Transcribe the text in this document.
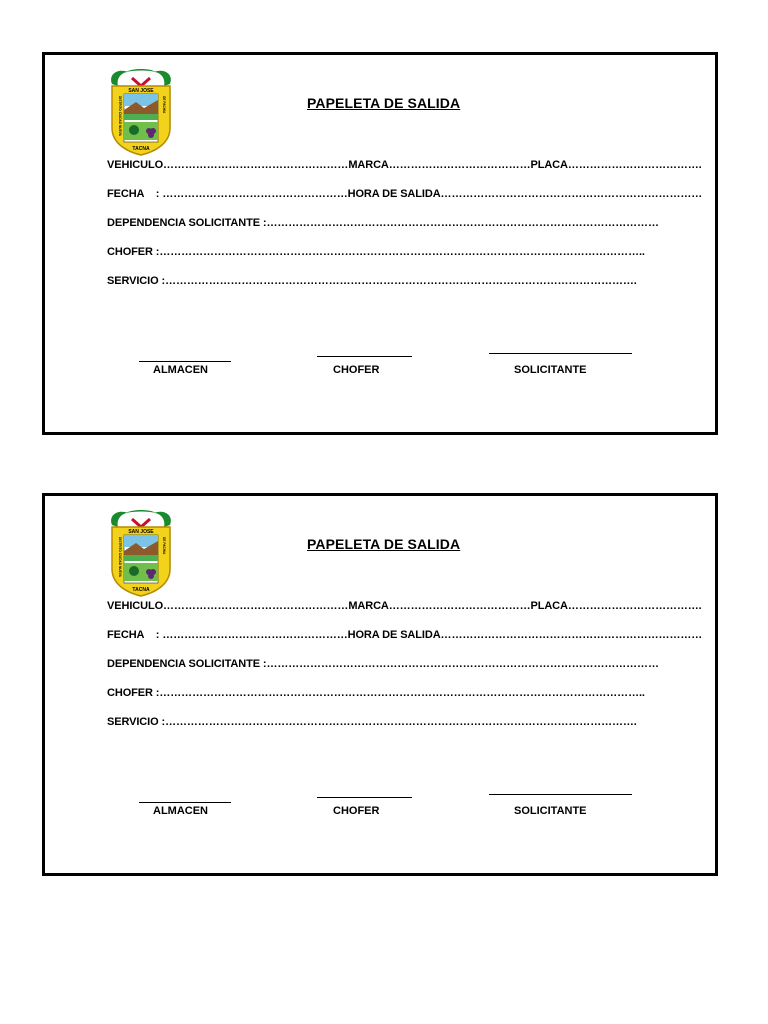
SAN JOSE
TACNA
DISTRITO CIUDAD NUEVA	DE PACHIA	PAPELETA DE SALIDA
VEHICULO……………………………………………MARCA…………………………………PLACA……………………………….
FECHA    : ……………………………………………HORA DE SALIDA………………………………………………………………
DEPENDENCIA SOLICITANTE :………………………………………………………………………………………………
CHOFER :……………………………………………………………………………………………………………………..
SERVICIO :………………………………………………………………………………………………………………….
ALMACEN	CHOFER	SOLICITANTE
SAN JOSE
TACNA
DISTRITO CIUDAD NUEVA	DE PACHIA	PAPELETA DE SALIDA
VEHICULO……………………………………………MARCA…………………………………PLACA……………………………….
FECHA    : ……………………………………………HORA DE SALIDA………………………………………………………………
DEPENDENCIA SOLICITANTE :………………………………………………………………………………………………
CHOFER :……………………………………………………………………………………………………………………..
SERVICIO :………………………………………………………………………………………………………………….
ALMACEN	CHOFER	SOLICITANTE
